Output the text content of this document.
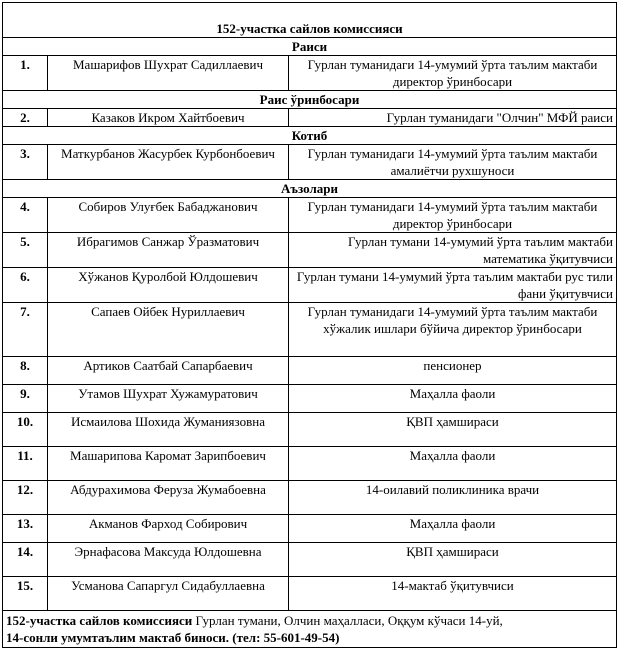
152-участка сайлов комиссияси		
Раиси		
1.	Машарифов Шухрат Садиллаевич	Гурлан туманидаги 14-умумий ўрта таълим мактаби директор ўринбосари
Раис ўринбосари		
2.	Казаков Икром Хайтбоевич	Гурлан туманидаги "Олчин" МФЙ раиси
Котиб		
3.	Маткурбанов Жасурбек Курбонбоевич	Гурлан туманидаги 14-умумий ўрта таълим мактаби амалиётчи рухшуноси
Аъзолари		
4.	Собиров Улуғбек Бабаджанович	Гурлан туманидаги 14-умумий ўрта таълим мактаби директор ўринбосари
5.	Ибрагимов Санжар Ўразматович	Гурлан тумани 14-умумий ўрта таълим мактаби математика ўқитувчиси
6.	Хўжанов Қуролбой Юлдошевич	Гурлан тумани 14-умумий ўрта таълим мактаби рус тили фани ўқитувчиси
7.	Сапаев Ойбек Нуриллаевич	Гурлан туманидаги 14-умумий ўрта таълим мактаби хўжалик ишлари бўйича директор ўринбосари
8.	Артиков Саатбай Сапарбаевич	пенсионер
9.	Утамов Шухрат Хужамуратович	Маҳалла фаоли
10.	Исмаилова Шохида Жуманиязовна	ҚВП ҳамшираси
11.	Машарипова Каромат Зарипбоевич	Маҳалла фаоли
12.	Абдурахимова Феруза Жумабоевна	14-оилавий поликлиника врачи
13.	Акманов Фарход Собирович	Маҳалла фаоли
14.	Эрнафасова Максуда Юлдошевна	ҚВП ҳамшираси
15.	Усманова Сапаргул Сидабуллаевна	14-мактаб ўқитувчиси
152-участка сайлов комиссияси Гурлан тумани, Олчин маҳалласи, Оққум кўчаси 14-уй,
14-сонли умумтаълим мактаб биноси. (тел: 55-601-49-54)		
